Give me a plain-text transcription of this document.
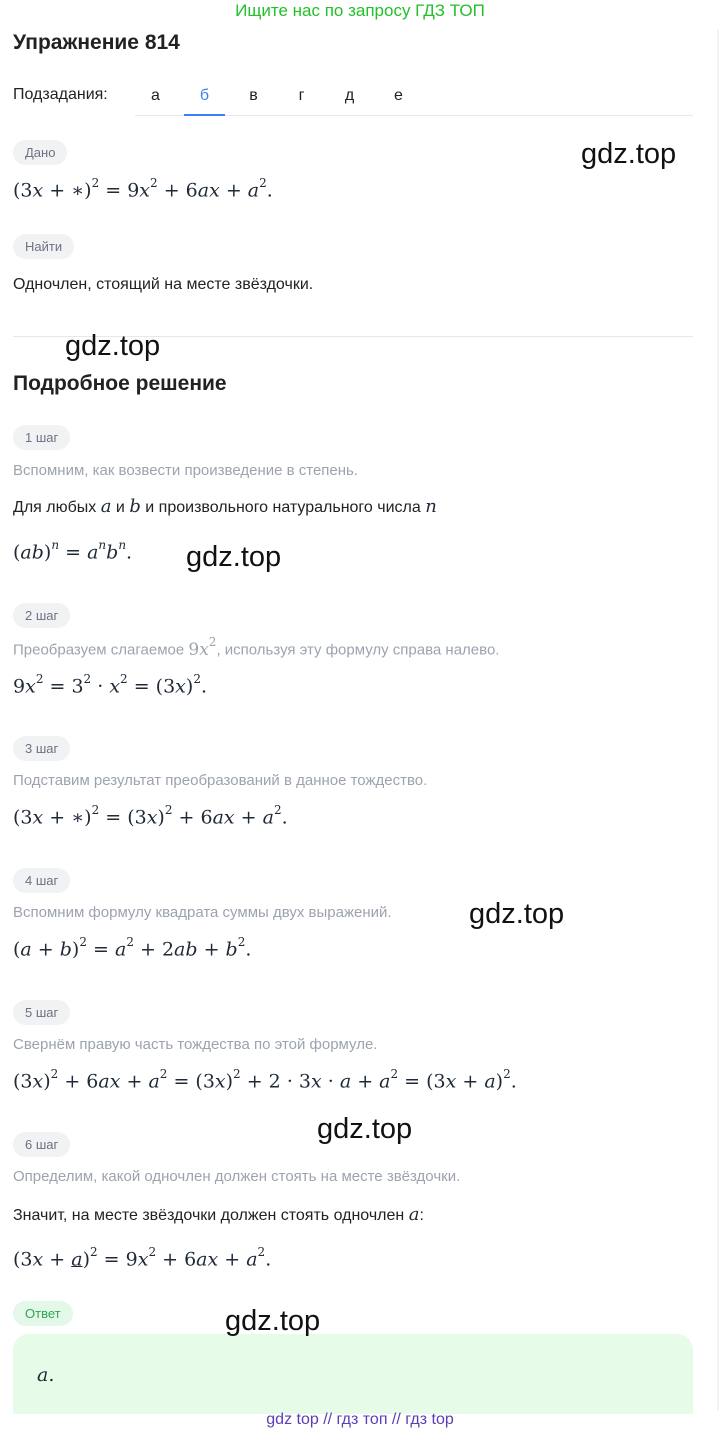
Ищите нас по запросу ГДЗ ТОП
Упражнение 814
Подзадания:	а	б	в	г	д	е
Дано
(3x + ∗)$^2$ = $9x^2 + 6ax + a^2$.
gdz.top
Найти
Одночлен, стоящий на месте звёздочки.
gdz.top
Подробное решение
1 шаг
Вспомним, как возвести произведение в степень.
Для любых a и b и произвольного натурального числа n
$(ab)^n = a^nb^n$. gdz.top
2 шаг
Преобразуем слагаемое $9x^2$, используя эту формулу справа налево.
$9x^2 = 3^2 \cdot x^2 = (3x)^2$.
3 шаг
Подставим результат преобразований в данное тождество.
(3x + ∗)$^2$ = $(3x)^2 + 6ax + a^2$.
4 шаг
Вспомним формулу квадрата суммы двух выражений.	gdz.top
$(a + b)^2 = a^2 + 2ab + b^2$.
5 шаг
Свернём правую часть тождества по этой формуле.
$(3x)^2 + 6ax + a^2 = (3x)^2 + 2 \cdot 3x \cdot a + a^2 = (3x + a)^2$.
gdz.top
6 шаг
Определим, какой одночлен должен стоять на месте звёздочки.
Значит, на месте звёздочки должен стоять одночлен a:
$(3x + a)^2 = 9x^2 + 6ax + a^2$.
Ответ	gdz.top
a.
gdz top // гдз топ // гдз top
